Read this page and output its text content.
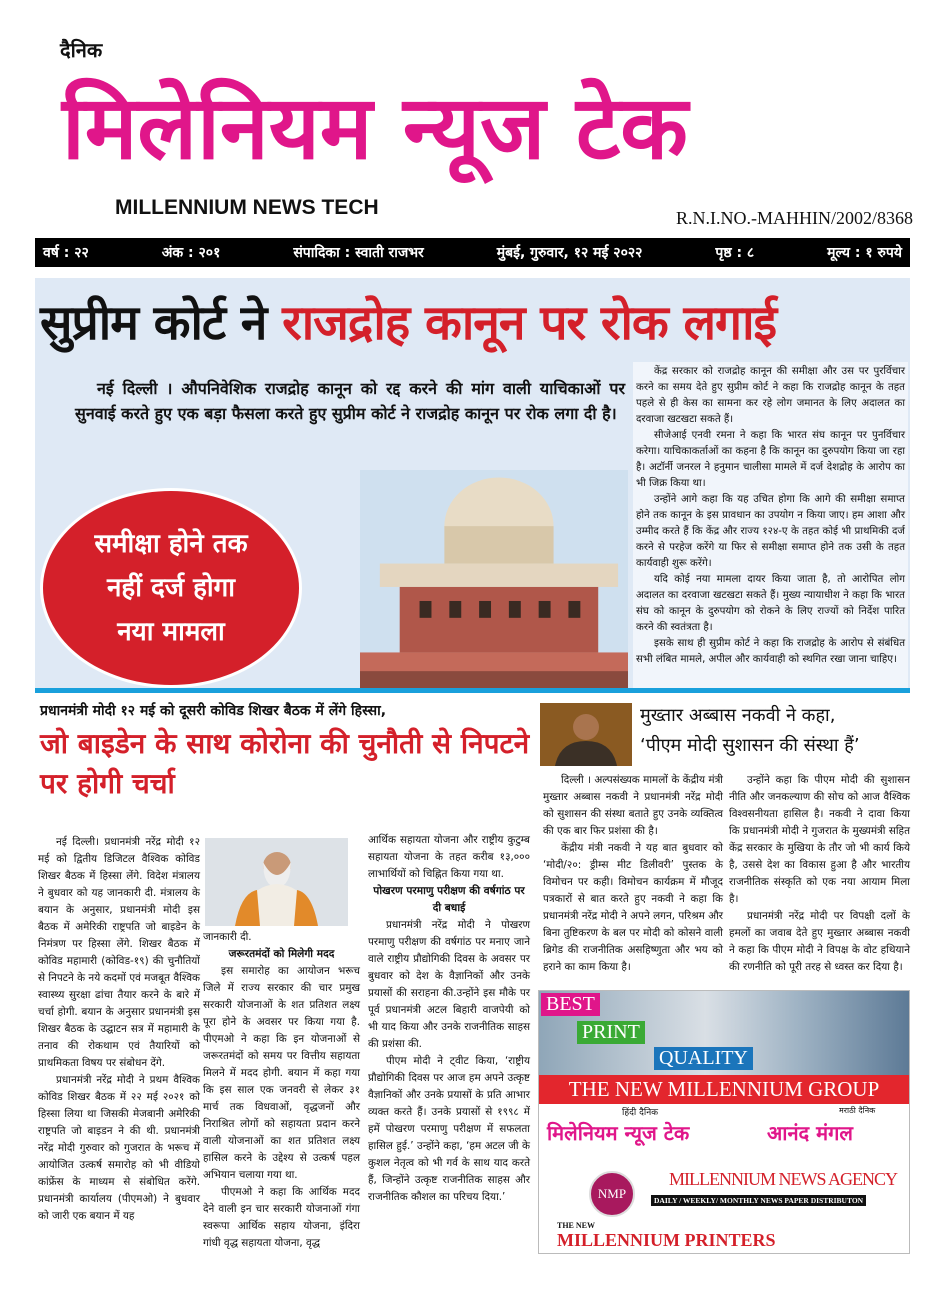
दैनिक
मिलेनियम न्यूज टेक
MILLENNIUM NEWS TECH	R.N.I.NO.-MAHHIN/2002/8368
वर्ष : २२	अंक : २०१	संपादिका : स्वाती राजभर	मुंबई, गुरुवार, १२ मई २०२२	पृष्ठ : ८	मूल्य : १ रुपये
सुप्रीम कोर्ट ने राजद्रोह कानून पर रोक लगाई
नई दिल्ली । औपनिवेशिक राजद्रोह कानून को रद्द करने की मांग वाली याचिकाओं पर सुनवाई करते हुए एक बड़ा फैसला करते हुए सुप्रीम कोर्ट ने राजद्रोह कानून पर रोक लगा दी है।

केंद्र सरकार को राजद्रोह कानून की समीक्षा और उस पर पुरर्विचार करने का समय देते हुए सुप्रीम कोर्ट ने कहा कि राजद्रोह कानून के तहत पहले से ही केस का सामना कर रहे लोग जमानत के लिए अदालत का दरवाजा खटखटा सकते हैं।

सीजेआई एनवी रमना ने कहा कि भारत संघ कानून पर पुनर्विचार करेगा। याचिकाकर्ताओं का कहना है कि कानून का दुरुपयोग किया जा रहा है। अटॉर्नी जनरल ने हनुमान चालीसा मामले में दर्ज देशद्रोह के आरोप का भी जिक्र किया था।

उन्होंने आगे कहा कि यह उचित होगा कि आगे की समीक्षा समाप्त होने तक कानून के इस प्रावधान का उपयोग न किया जाए। हम आशा और उम्मीद करते हैं कि केंद्र और राज्य १२४-ए के तहत कोई भी प्राथमिकी दर्ज करने से परहेज करेंगे या फिर से समीक्षा समाप्त होने तक उसी के तहत कार्यवाही शुरू करेंगे।

यदि कोई नया मामला दायर किया जाता है, तो आरोपित लोग अदालत का दरवाजा खटखटा सकते हैं। मुख्य न्यायाधीश ने कहा कि भारत संघ को कानून के दुरुपयोग को रोकने के लिए राज्यों को निर्देश पारित करने की स्वतंत्रता है।

इसके साथ ही सुप्रीम कोर्ट ने कहा कि राजद्रोह के आरोप से संबंधित सभी लंबित मामले, अपील और कार्यवाही को स्थगित रखा जाना चाहिए।

समीक्षा होने तक
नहीं दर्ज होगा
नया मामला
प्रधानमंत्री मोदी १२ मई को दूसरी कोविड शिखर बैठक में लेंगे हिस्सा,
जो बाइडेन के साथ कोरोना की चुनौती से निपटने पर होगी चर्चा

नई दिल्ली। प्रधानमंत्री नरेंद्र मोदी १२ मई को द्वितीय डिजिटल वैश्विक कोविड शिखर बैठक में हिस्सा लेंगे. विदेश मंत्रालय ने बुधवार को यह जानकारी दी. मंत्रालय के बयान के अनुसार, प्रधानमंत्री मोदी इस बैठक में अमेरिकी राष्ट्रपति जो बाइडेन के निमंत्रण पर हिस्सा लेंगे. शिखर बैठक में कोविड महामारी (कोविड-१९) की चुनौतियों से निपटने के नये कदमों एवं मजबूत वैश्विक स्वास्थ्य सुरक्षा ढांचा तैयार करने के बारे में चर्चा होगी. बयान के अनुसार प्रधानमंत्री इस शिखर बैठक के उद्घाटन सत्र में महामारी के तनाव की रोकथाम एवं तैयारियों को प्राथमिकता विषय पर संबोधन देंगे.

प्रधानमंत्री नरेंद्र मोदी ने प्रथम वैश्विक कोविड शिखर बैठक में २२ मई २०२१ को हिस्सा लिया था जिसकी मेजबानी अमेरिकी राष्ट्रपति जो बाइडन ने की थी. प्रधानमंत्री नरेंद्र मोदी गुरुवार को गुजरात के भरूच में आयोजित उत्कर्ष समारोह को भी वीडियो कांफ्रेंस के माध्यम से संबोधित करेंगे. प्रधानमंत्री कार्यालय (पीएमओ) ने बुधवार को जारी एक बयान में यह

जानकारी दी.
जरूरतमंदों को मिलेगी मदद

इस समारोह का आयोजन भरूच जिले में राज्य सरकार की चार प्रमुख सरकारी योजनाओं के शत प्रतिशत लक्ष्य पूरा होने के अवसर पर किया गया है. पीएमओ ने कहा कि इन योजनाओं से जरूरतमंदों को समय पर वित्तीय सहायता मिलने में मदद होगी. बयान में कहा गया कि इस साल एक जनवरी से लेकर ३१ मार्च तक विधवाओं, वृद्धजनों और निराश्रित लोगों को सहायता प्रदान करने वाली योजनाओं का शत प्रतिशत लक्ष्य हासिल करने के उद्देश्य से उत्कर्ष पहल अभियान चलाया गया था.

पीएमओ ने कहा कि आर्थिक मदद देने वाली इन चार सरकारी योजनाओं गंगा स्वरूपा आर्थिक सहाय योजना, इंदिरा गांधी वृद्ध सहायता योजना, वृद्ध

आर्थिक सहायता योजना और राष्ट्रीय कुटुम्ब सहायता योजना के तहत करीब १३,००० लाभार्थियों को चिह्नित किया गया था.
पोखरण परमाणु परीक्षण की वर्षगांठ पर दी बधाई

प्रधानमंत्री नरेंद्र मोदी ने पोखरण परमाणु परीक्षण की वर्षगांठ पर मनाए जाने वाले राष्ट्रीय प्रौद्योगिकी दिवस के अवसर पर बुधवार को देश के वैज्ञानिकों और उनके प्रयासों की सराहना की.उन्होंने इस मौके पर पूर्व प्रधानमंत्री अटल बिहारी वाजपेयी को भी याद किया और उनके राजनीतिक साहस की प्रशंसा की.

पीएम मोदी ने ट्वीट किया, ‘राष्ट्रीय प्रौद्योगिकी दिवस पर आज हम अपने उत्कृष्ट वैज्ञानिकों और उनके प्रयासों के प्रति आभार व्यक्त करते हैं। उनके प्रयासों से १९९८ में हमें पोखरण परमाणु परीक्षण में सफलता हासिल हुई.’ उन्होंने कहा, ‘हम अटल जी के कुशल नेतृत्व को भी गर्व के साथ याद करते हैं, जिन्होंने उत्कृष्ट राजनीतिक साहस और राजनीतिक कौशल का परिचय दिया.’

मुख्तार अब्बास नकवी ने कहा,
‘पीएम मोदी सुशासन की संस्था हैं’

दिल्ली । अल्पसंख्यक मामलों के केंद्रीय मंत्री मुख्तार अब्बास नकवी ने प्रधानमंत्री नरेंद्र मोदी को सुशासन की संस्था बताते हुए उनके व्यक्तित्व की एक बार फिर प्रशंसा की है।

केंद्रीय मंत्री नकवी ने यह बात बुधवार को ‘मोदी/२०: ड्रीम्स मीट डिलीवरी’ पुस्तक के विमोचन पर कही। विमोचन कार्यक्रम में मौजूद पत्रकारों से बात करते हुए नकवी ने कहा कि प्रधानमंत्री नरेंद्र मोदी ने अपने लगन, परिश्रम और बिना तुष्टिकरण के बल पर मोदी को कोसने वाली ब्रिगेड की राजनीतिक असहिष्णुता और भय को हराने का काम किया है।

उन्होंने कहा कि पीएम मोदी की सुशासन नीति और जनकल्याण की सोच को आज वैश्विक विश्वसनीयता हासिल है। नकवी ने दावा किया कि प्रधानमंत्री मोदी ने गुजरात के मुख्यमंत्री सहित केंद्र सरकार के मुखिया के तौर जो भी कार्य किये है, उससे देश का विकास हुआ है और भारतीय राजनीतिक संस्कृति को एक नया आयाम मिला है।

प्रधानमंत्री नरेंद्र मोदी पर विपक्षी दलों के हमलों का जवाब देते हुए मुख्तार अब्बास नकवी ने कहा कि पीएम मोदी ने विपक्ष के वोट हथियाने की रणनीति को पूरी तरह से ध्वस्त कर दिया है।

BEST
PRINT
QUALITY
THE NEW MILLENNIUM GROUP
हिंदी दैनिक
मिलेनियम न्यूज टेक
मराठी दैनिक
आनंद मंगल
NMP
MILLENNIUM NEWS AGENCY
DAILY / WEEKLY/ MONTHLY NEWS PAPER DISTRIBUTON
THE NEW
MILLENNIUM PRINTERS
